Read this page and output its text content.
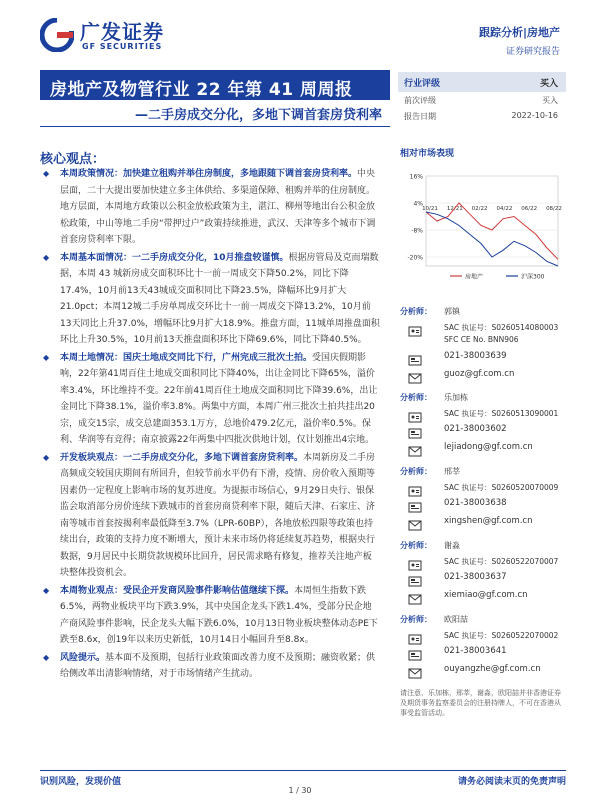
广发证券
GF SECURITIES
跟踪分析|房地产
证券研究报告
房地产及物管行业 22 年第 41 周周报
—二手房成交分化，多地下调首套房贷利率
核心观点：
◆ 本周政策情况：加快建立租购并举住房制度，多地跟随下调首套房贷利率。中央层面，二十大提出要加快建立多主体供给、多渠道保障、租购并举的住房制度。地方层面，本周地方政策以公积金放松政策为主，湛江、柳州等地出台公积金放松政策，中山等地二手房“带押过户”政策持续推进，武汉、天津等多个城市下调首套房贷利率下限。
◆ 本周基本面情况：一二手房成交分化，10月推盘较谨慎。根据房管局及克而瑞数据，本周 43 城新房成交面积环比十一前一周成交下降50.2%，同比下降17.4%，10月前13天43城成交面积同比下降23.5%，降幅环比9月扩大21.0pct；本周12城二手房单周成交环比十一前一周成交下降13.2%，10月前13天同比上升37.0%，增幅环比9月扩大18.9%。推盘方面，11城单周推盘面积环比上升30.5%，10月前13天推盘面积环比下降69.6%，同比下降40.5%。
◆ 本周土地情况：国庆土地成交同比下行，广州完成三批次土拍。受国庆假期影响，22年第41周百住土地成交面积同比下降40%，出让金同比下降65%，溢价率3.4%，环比维持不变。22年前41周百住土地成交面积同比下降39.6%，出让金同比下降38.1%，溢价率3.8%。两集中方面，本周广州三批次土拍共挂出20宗，成交15宗，成交总建面353.1万方，总地价479.2亿元，溢价率0.5%。保利、华润等有竞得；南京披露22年两集中四批次供地计划，仅计划推出4宗地。
◆ 开发板块观点：一二手房成交分化，多地下调首套房贷利率。本周新房及二手房高频成交较国庆期间有所回升，但较节前水平仍有下滑，疫情、房价收入预期等因素仍一定程度上影响市场的复苏进度。为提振市场信心，9月29日央行、银保监会取消部分房价连续下跌城市的首套房商贷利率下限，随后天津、石家庄、济南等城市首套按揭利率最低降至3.7%（LPR-60BP），各地放松四限等政策也持续出台，政策的支持力度不断增大，预计未来市场仍将延续复苏趋势，根据央行数据，9月居民中长期贷款规模环比回升，居民需求略有修复，推荐关注地产板块整体投资机会。
◆ 本周物业观点：受民企开发商风险事件影响估值继续下探。本周恒生指数下跌6.5%，两物业板块平均下跌3.9%，其中央国企龙头下跌1.4%，受部分民企地产商风险事件影响，民企龙头大幅下跌6.0%，10月13日物业板块整体动态PE下跌至8.6x，创19年以来历史新低，10月14日小幅回升至8.8x。
◆ 风险提示。基本面不及预期，包括行业政策面改善力度不及预期；融资收紧；供给侧改革出清影响情绪，对于市场情绪产生扰动。
行业评级	买入
前次评级	买入
报告日期	2022-10-16
相对市场表现
16%
4%
-8%
-20%
10/21 12/21 02/22 04/22 06/22 08/22
房地产	沪深300
分析师： 郭镇
SAC 执证号：S0260514080003
SFC CE No. BNN906
021-38003639
guoz@gf.com.cn
分析师： 乐加栋
SAC 执证号：S0260513090001
021-38003602
lejiadong@gf.com.cn
分析师： 邢莘
SAC 执证号：S0260520070009
021-38003638
xingshen@gf.com.cn
分析师： 谢淼
SAC 执证号：S0260522070007
021-38003637
xiemiao@gf.com.cn
分析师： 欧阳喆
SAC 执证号：S0260522070002
021-38003641
ouyangzhe@gf.com.cn
请注意，乐加栋，邢莘，谢淼，欧阳喆并非香港证券及期货事务监察委员会的注册持牌人，不可在香港从事受监管活动。
识别风险，发现价值	请务必阅读末页的免责声明
1 / 30
